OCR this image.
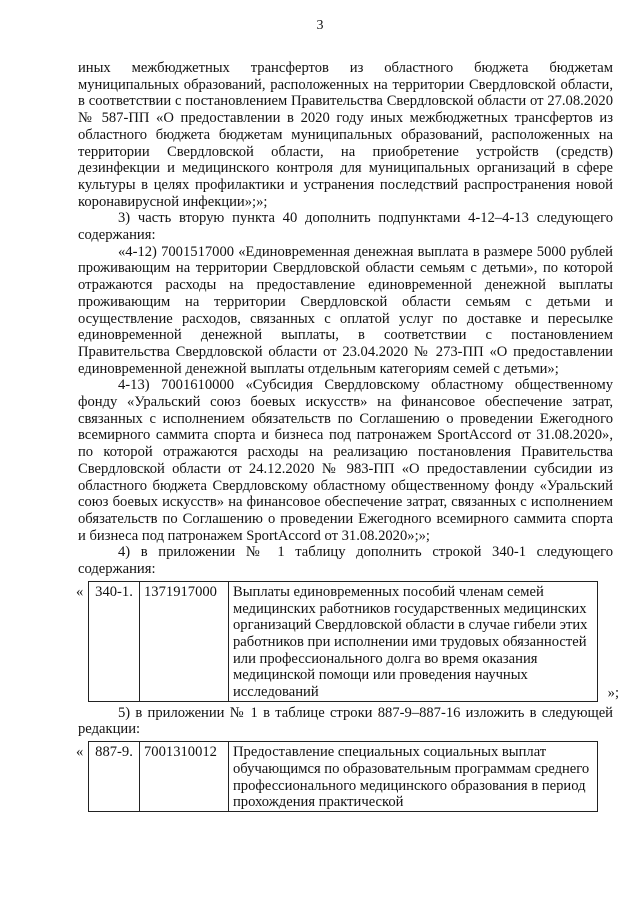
3

иных межбюджетных трансфертов из областного бюджета бюджетам муниципальных образований, расположенных на территории Свердловской области, в соответствии с постановлением Правительства Свердловской области от 27.08.2020 № 587-ПП «О предоставлении в 2020 году иных межбюджетных трансфертов из областного бюджета бюджетам муниципальных образований, расположенных на территории Свердловской области, на приобретение устройств (средств) дезинфекции и медицинского контроля для муниципальных организаций в сфере культуры в целях профилактики и устранения последствий распространения новой коронавирусной инфекции»;»;

3) часть вторую пункта 40 дополнить подпунктами 4-12–4-13 следующего содержания:

«4-12) 7001517000 «Единовременная денежная выплата в размере 5000 рублей проживающим на территории Свердловской области семьям с детьми», по которой отражаются расходы на предоставление единовременной денежной выплаты проживающим на территории Свердловской области семьям с детьми и осуществление расходов, связанных с оплатой услуг по доставке и пересылке единовременной денежной выплаты, в соответствии с постановлением Правительства Свердловской области от 23.04.2020 № 273-ПП «О предоставлении единовременной денежной выплаты отдельным категориям семей с детьми»;

4-13) 7001610000 «Субсидия Свердловскому областному общественному фонду «Уральский союз боевых искусств» на финансовое обеспечение затрат, связанных с исполнением обязательств по Соглашению о проведении Ежегодного всемирного саммита спорта и бизнеса под патронажем SportAccord от 31.08.2020», по которой отражаются расходы на реализацию постановления Правительства Свердловской области от 24.12.2020 № 983-ПП «О предоставлении субсидии из областного бюджета Свердловскому областному общественному фонду «Уральский союз боевых искусств» на финансовое обеспечение затрат, связанных с исполнением обязательств по Соглашению о проведении Ежегодного всемирного саммита спорта и бизнеса под патронажем SportAccord от 31.08.2020»;»;

4) в приложении № 1 таблицу дополнить строкой 340-1 следующего содержания:

« 340-1.	1371917000	Выплаты единовременных пособий членам семей медицинских работников государственных медицинских организаций Свердловской области в случае гибели этих работников при исполнении ими трудовых обязанностей или профессионального долга во время оказания медицинской помощи или проведения научных исследований	»;

5) в приложении № 1 в таблице строки 887-9–887-16 изложить в следующей редакции:

« 887-9.	7001310012	Предоставление специальных социальных выплат обучающимся по образовательным программам среднего профессионального медицинского образования в период прохождения практической
